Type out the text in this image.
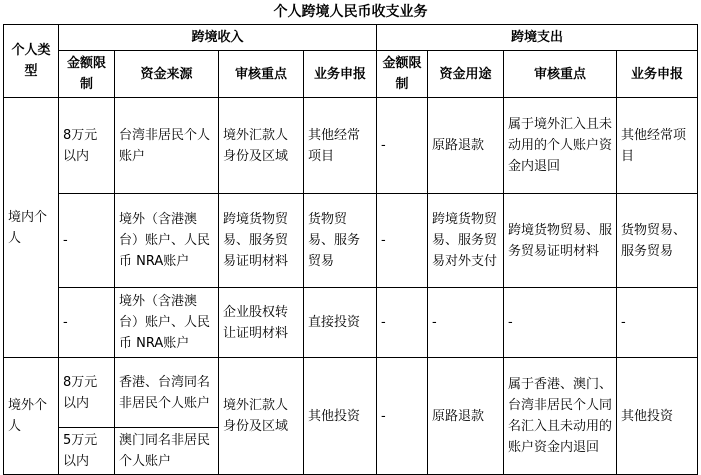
个人跨境人民币收支业务
个人类型	跨境收入				跨境支出			
	金额限制	资金来源	审核重点	业务申报	金额限制	资金用途	审核重点	业务申报
境内个人	8万元以内	台湾非居民个人账户	境外汇款人身份及区域	其他经常项目	-	原路退款	属于境外汇入且未动用的个人账户资金内退回	其他经常项目
	-	境外（含港澳台）账户、人民币 NRA账户	跨境货物贸易、服务贸易证明材料	货物贸易、服务贸易	-	跨境货物贸易、服务贸易对外支付	跨境货物贸易、服务贸易证明材料	货物贸易、服务贸易
	-	境外（含港澳台）账户、人民币 NRA账户	企业股权转让证明材料	直接投资	-	-	-	-
境外个人	8万元以内	香港、台湾同名非居民个人账户	境外汇款人身份及区域	其他投资	-	原路退款	属于香港、澳门、台湾非居民个人同名汇入且未动用的账户资金内退回	其他投资
	5万元以内	澳门同名非居民个人账户						
